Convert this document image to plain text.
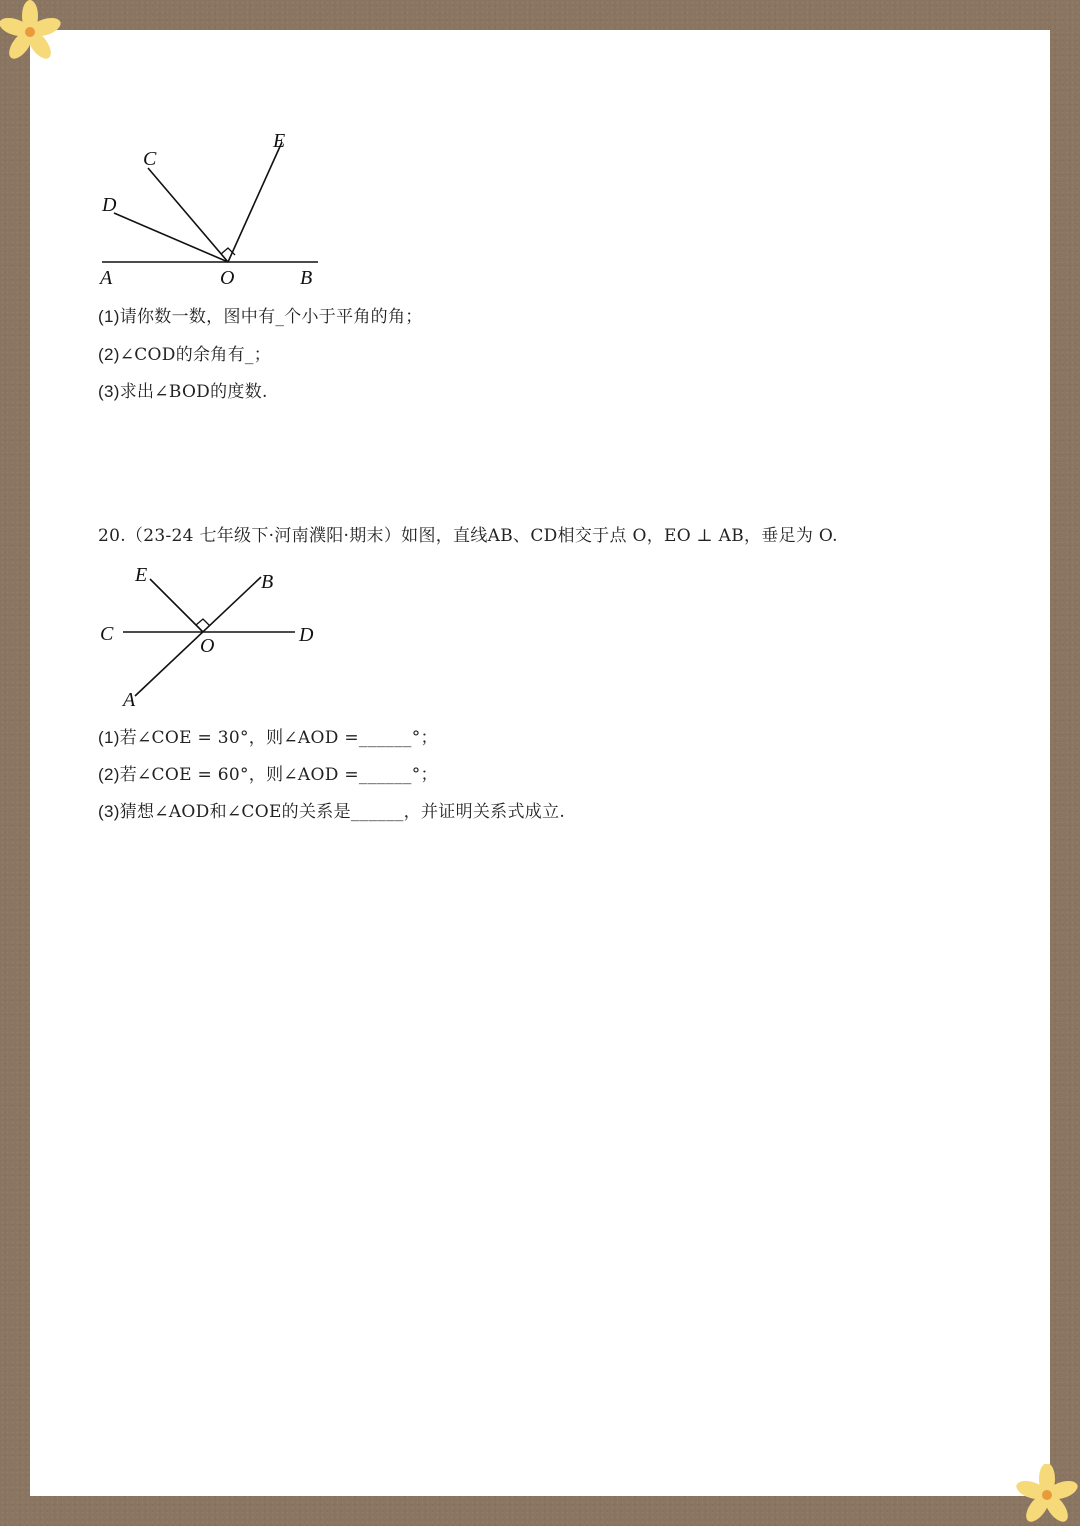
A	O	B
C
D
E
(1)请你数一数，图中有_个小于平角的角；
(2)∠COD的余角有_；
(3)求出∠BOD的度数.
20.（23-24 七年级下·河南濮阳·期末）如图，直线AB、CD相交于点 O，EO ⊥ AB，垂足为 O.
E	B
C	D
O
A
(1)若∠COE = 30°，则∠AOD =______°；
(2)若∠COE = 60°，则∠AOD =______°；
(3)猜想∠AOD和∠COE的关系是______，并证明关系式成立.
